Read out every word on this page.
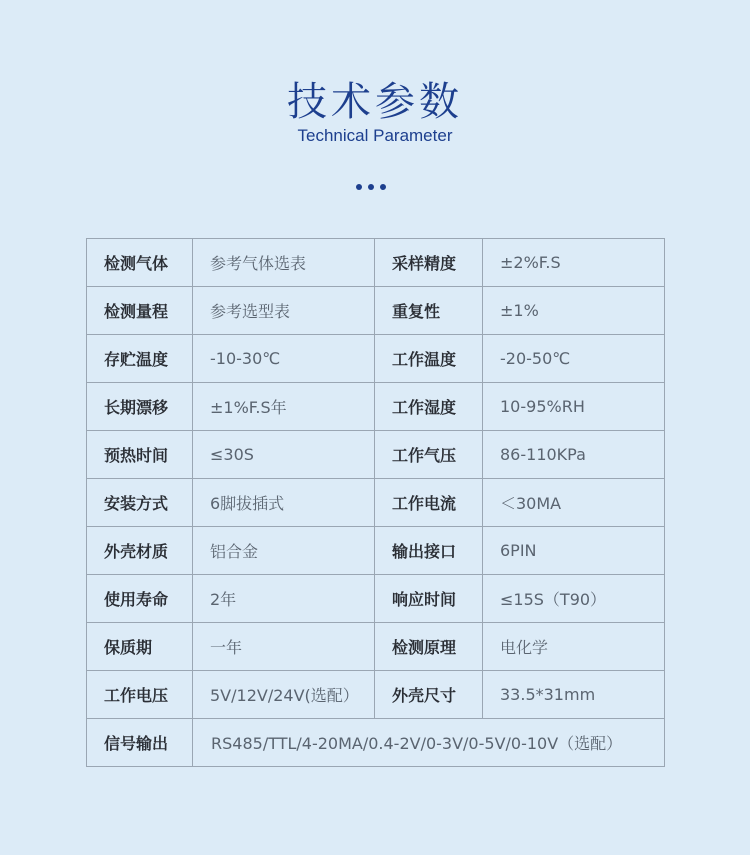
技术参数
Technical Parameter
检测气体	参考气体选表	采样精度	±2%F.S
检测量程	参考选型表	重复性	±1%
存贮温度	-10-30℃	工作温度	-20-50℃
长期漂移	±1%F.S年	工作湿度	10-95%RH
预热时间	≤30S	工作气压	86-110KPa
安装方式	6脚拔插式	工作电流	＜30MA
外壳材质	铝合金	输出接口	6PIN
使用寿命	2年	响应时间	≤15S（T90）
保质期	一年	检测原理	电化学
工作电压	5V/12V/24V(选配）	外壳尺寸	33.5*31mm
信号输出	RS485/TTL/4-20MA/0.4-2V/0-3V/0-5V/0-10V（选配）		
